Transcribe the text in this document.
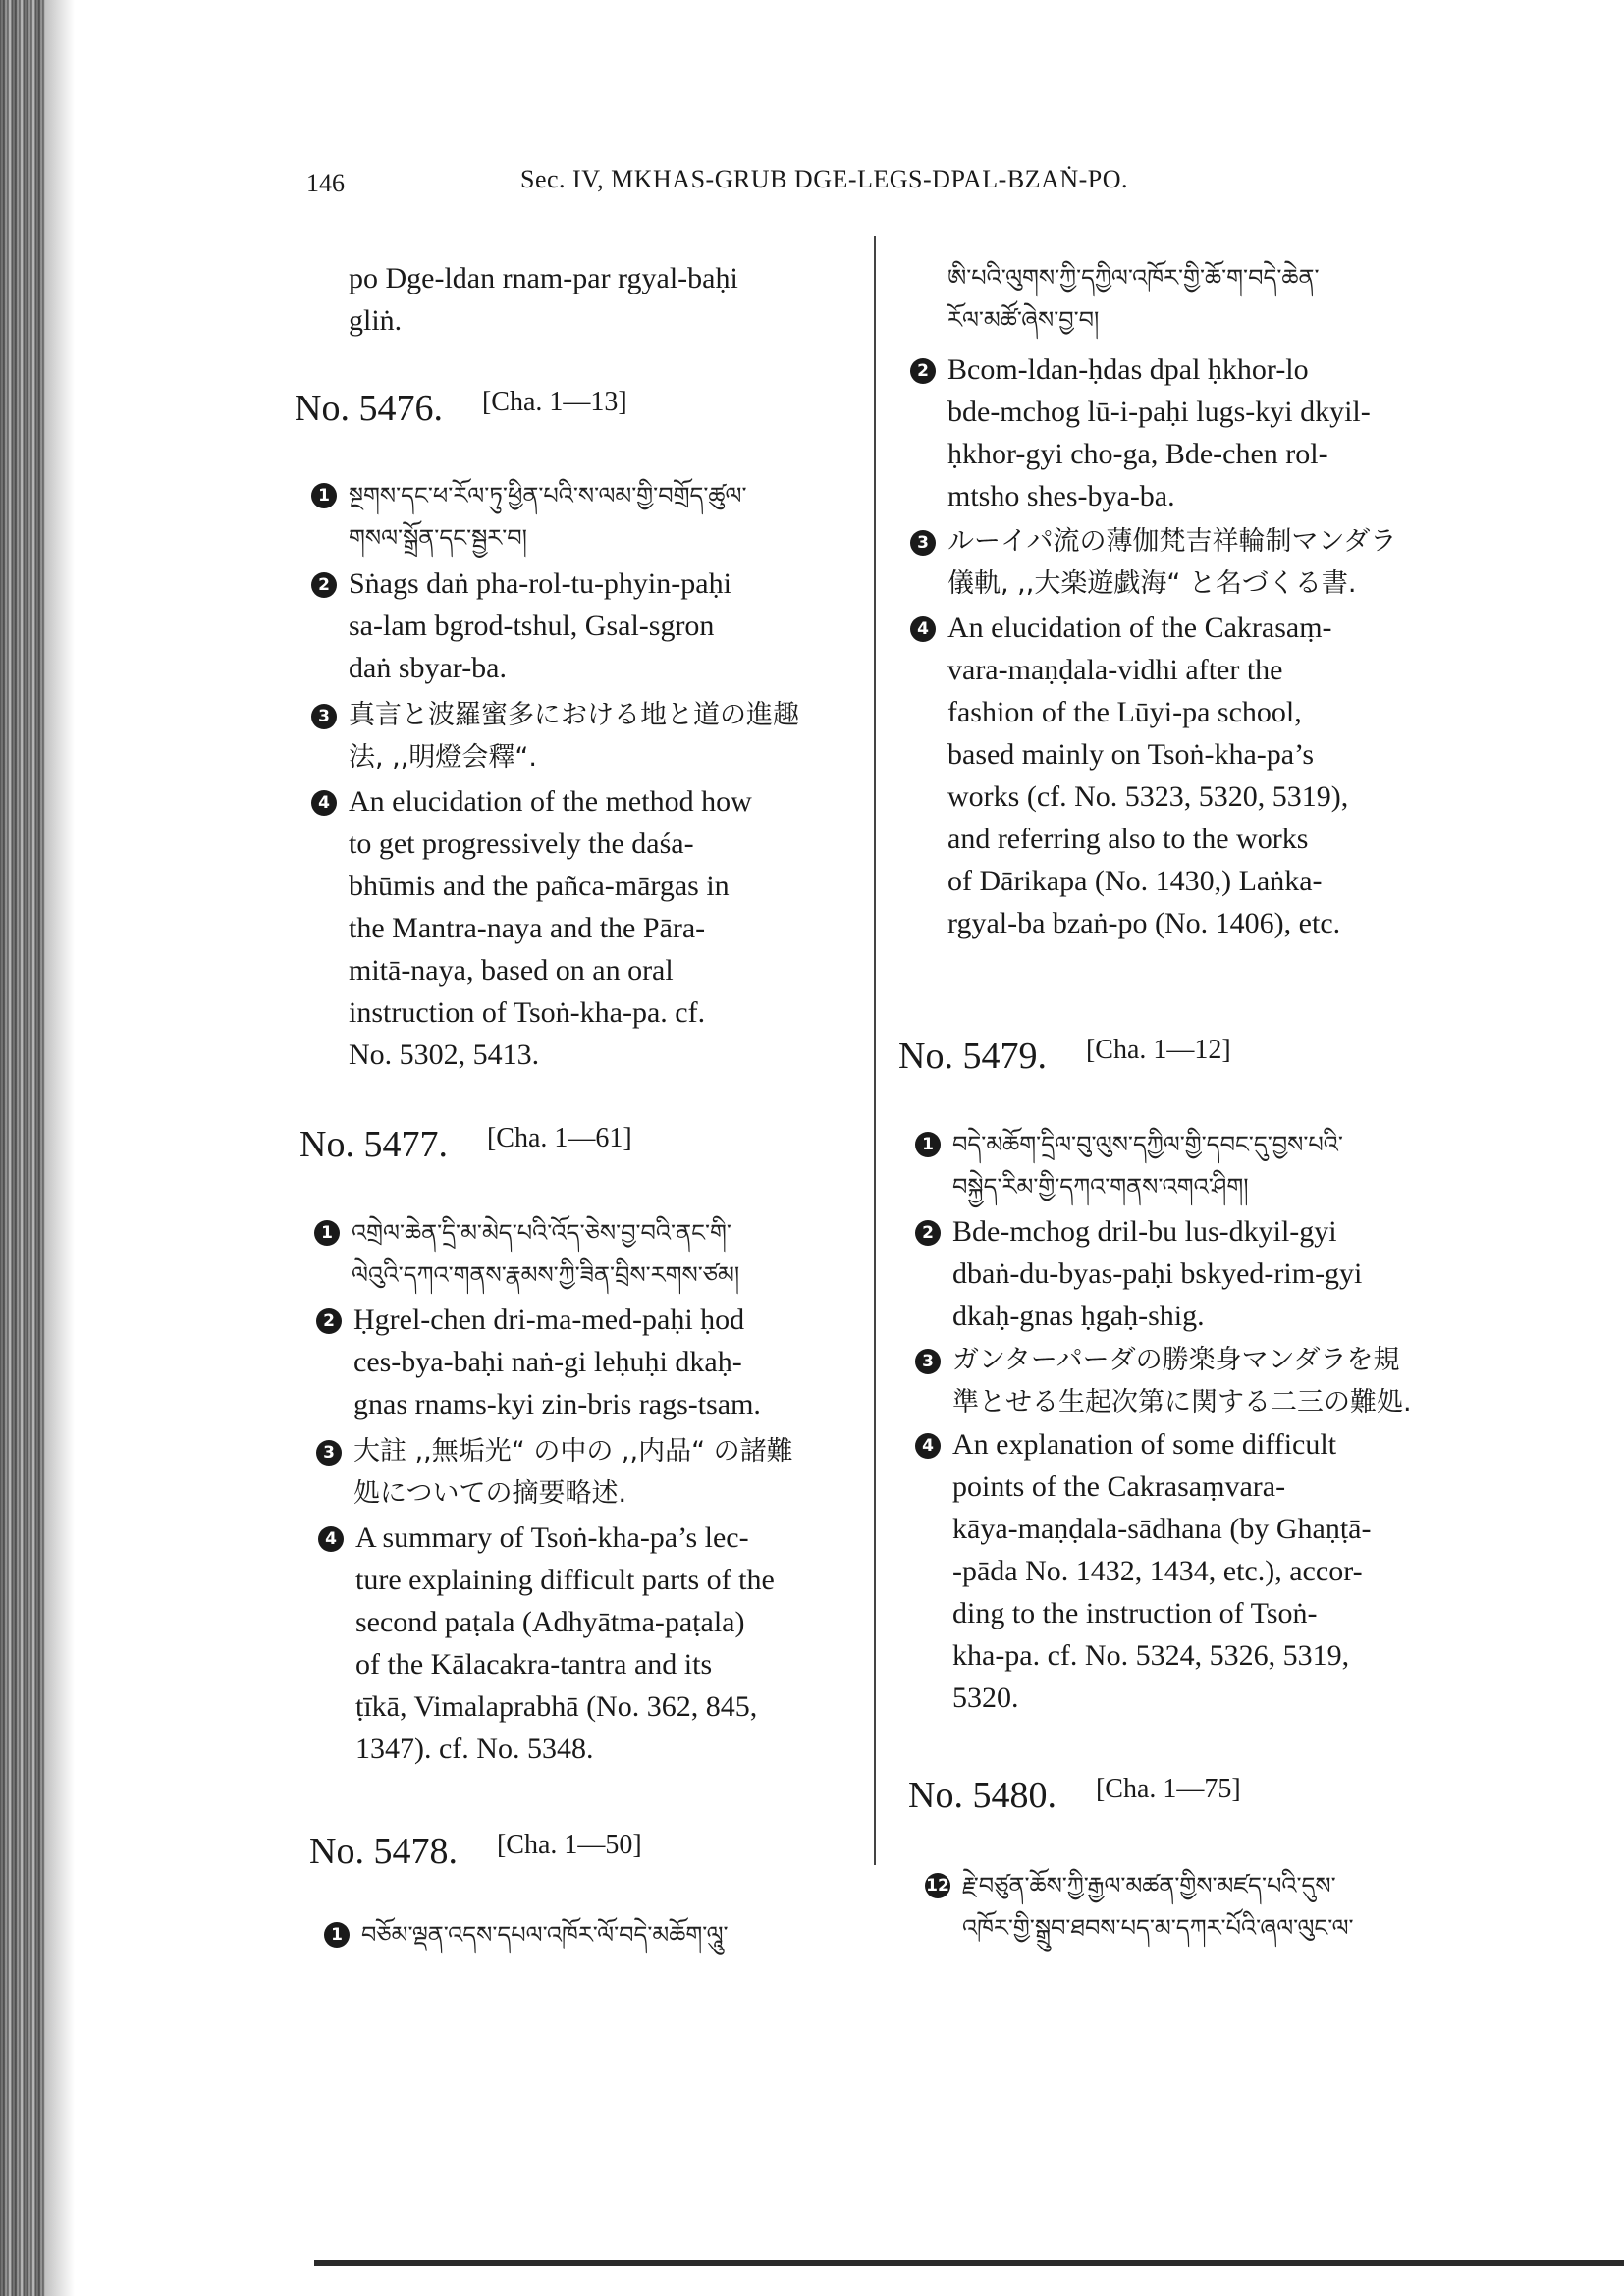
146	Sec. IV, MKHAS-GRUB DGE-LEGS-DPAL-BZAṄ-PO.
po Dge-ldan rnam-par rgyal-baḥi
gliṅ.
No. 5476. [Cha. 1—13]
1 སྔགས་དང་ཕ་རོལ་ཏུ་ཕྱིན་པའི་ས་ལམ་གྱི་བགྲོད་ཚུལ་
གསལ་སྒྲོན་དང་སྦྱར་བ།
2 Sṅags daṅ pha-rol-tu-phyin-paḥi
sa-lam bgrod-tshul, Gsal-sgron
daṅ sbyar-ba.
3 真言と波羅蜜多における地と道の進趣
法, ,,明燈会釋“.
4 An elucidation of the method how
to get progressively the daśa-
bhūmis and the pañca-mārgas in
the Mantra-naya and the Pāra-
mitā-naya, based on an oral
instruction of Tsoṅ-kha-pa. cf.
No. 5302, 5413.
No. 5477. [Cha. 1—61]
1 འགྲེལ་ཆེན་དྲི་མ་མེད་པའི་འོད་ཅེས་བྱ་བའི་ནང་གི་
ལེའུའི་དཀའ་གནས་རྣམས་ཀྱི་ཟིན་བྲིས་རགས་ཙམ།
2 Ḥgrel-chen dri-ma-med-paḥi ḥod
ces-bya-baḥi naṅ-gi leḥuḥi dkaḥ-
gnas rnams-kyi zin-bris rags-tsam.
3 大註 ,,無垢光“ の中の ,,内品“ の諸難
処についての摘要略述.
4 A summary of Tsoṅ-kha-pa’s lec-
ture explaining difficult parts of the
second paṭala (Adhyātma-paṭala)
of the Kālacakra-tantra and its
ṭīkā, Vimalaprabhā (No. 362, 845,
1347). cf. No. 5348.
No. 5478. [Cha. 1—50]
1 བཅོམ་ལྡན་འདས་དཔལ་འཁོར་ལོ་བདེ་མཆོག་ལཱུ་
ཨི་པའི་ལུགས་ཀྱི་དཀྱིལ་འཁོར་གྱི་ཆོ་ག་བདེ་ཆེན་
རོལ་མཚོ་ཞེས་བྱ་བ།
2 Bcom-ldan-ḥdas dpal ḥkhor-lo
bde-mchog lū-i-paḥi lugs-kyi dkyil-
ḥkhor-gyi cho-ga, Bde-chen rol-
mtsho shes-bya-ba.
3 ルーイパ流の薄伽梵吉祥輪制マンダラ
儀軌, ,,大楽遊戯海“ と名づくる書.
4 An elucidation of the Cakrasaṃ-
vara-maṇḍala-vidhi after the
fashion of the Lūyi-pa school,
based mainly on Tsoṅ-kha-pa’s
works (cf. No. 5323, 5320, 5319),
and referring also to the works
of Dārikapa (No. 1430,) Laṅka-
rgyal-ba bzaṅ-po (No. 1406), etc.
No. 5479. [Cha. 1—12]
1 བདེ་མཆོག་དྲིལ་བུ་ལུས་དཀྱིལ་གྱི་དབང་དུ་བྱས་པའི་
བསྐྱེད་རིམ་གྱི་དཀའ་གནས་འགའ་ཤིག།
2 Bde-mchog dril-bu lus-dkyil-gyi
dbaṅ-du-byas-paḥi bskyed-rim-gyi
dkaḥ-gnas ḥgaḥ-shig.
3 ガンターパーダの勝楽身マンダラを規
準とせる生起次第に関する二三の難処.
4 An explanation of some difficult
points of the Cakrasaṃvara-
kāya-maṇḍala-sādhana (by Ghaṇṭā-
-pāda No. 1432, 1434, etc.), accor-
ding to the instruction of Tsoṅ-
kha-pa. cf. No. 5324, 5326, 5319,
5320.
No. 5480. [Cha. 1—75]
12 རྗེ་བཙུན་ཆོས་ཀྱི་རྒྱལ་མཚན་གྱིས་མཛད་པའི་དུས་
འཁོར་གྱི་སྒྲུབ་ཐབས་པད་མ་དཀར་པོའི་ཞལ་ལུང་ལ་
